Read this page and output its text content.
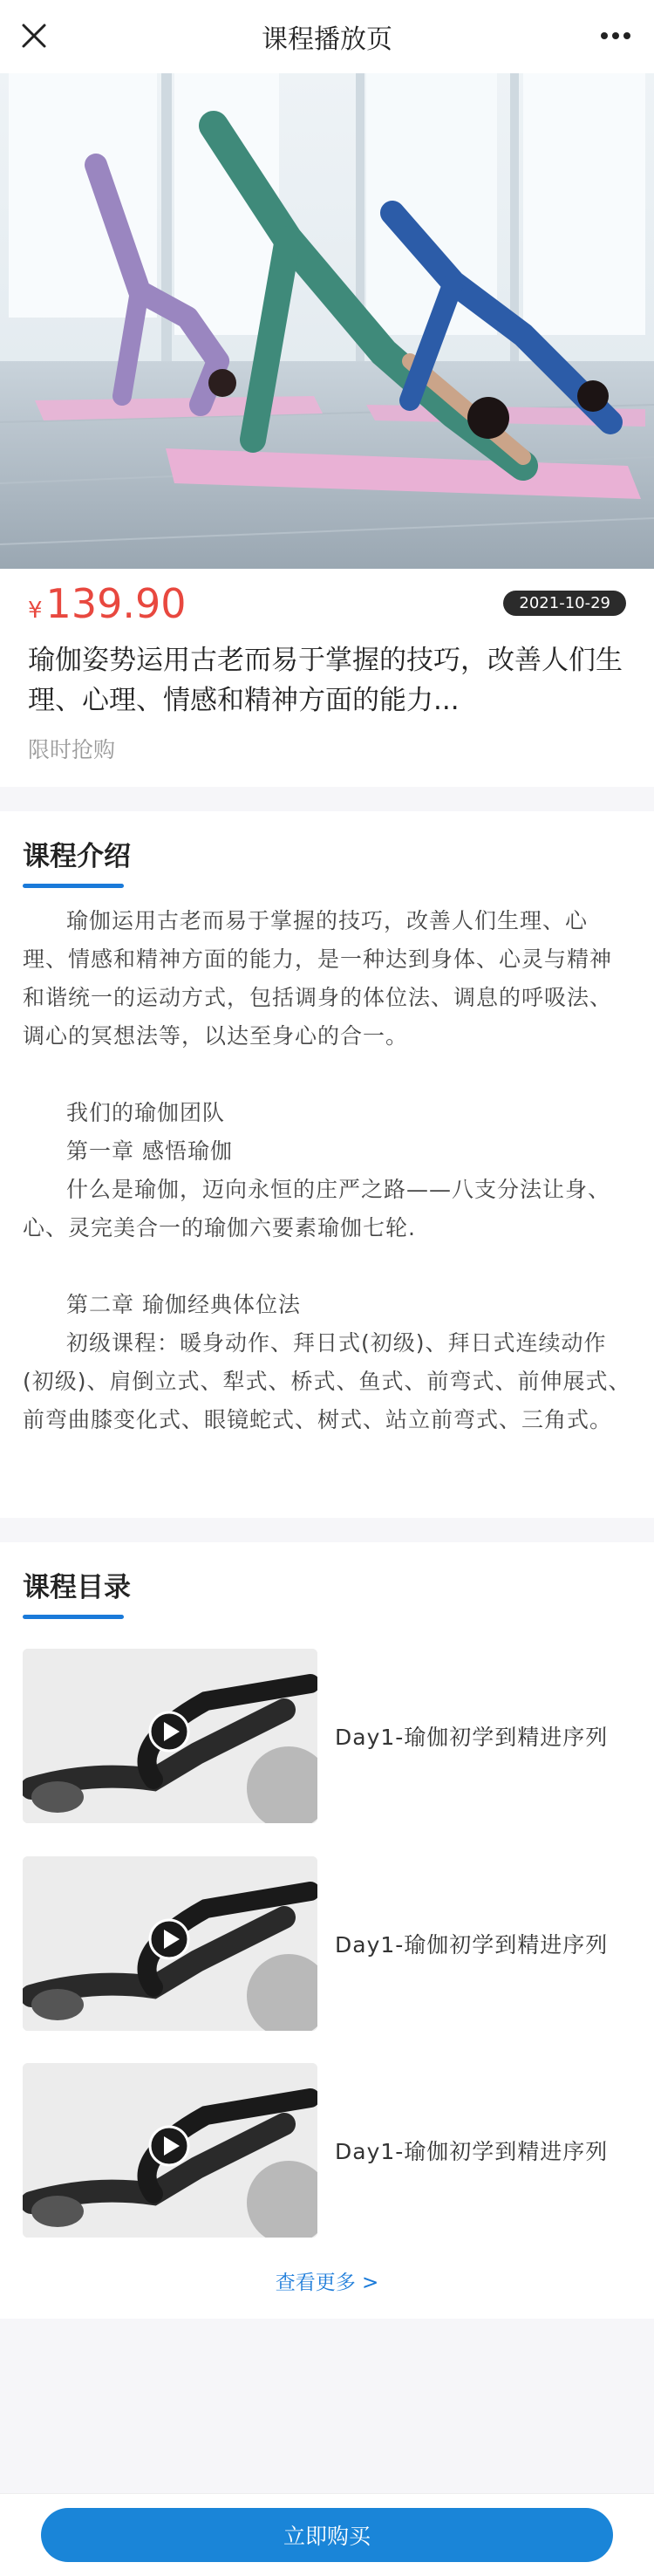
课程播放页
¥139.90	2021-10-29
瑜伽姿势运用古老而易于掌握的技巧，改善人们生理、心理、情感和精神方面的能力...
限时抢购
课程介绍

瑜伽运用古老而易于掌握的技巧，改善人们生理、心理、情感和精神方面的能力，是一种达到身体、心灵与精神和谐统一的运动方式，包括调身的体位法、调息的呼吸法、调心的冥想法等，以达至身心的合一。

我们的瑜伽团队

第一章 感悟瑜伽

什么是瑜伽，迈向永恒的庄严之路——八支分法让身、心、灵完美合一的瑜伽六要素瑜伽七轮.

第二章 瑜伽经典体位法

初级课程：暖身动作、拜日式(初级)、拜日式连续动作(初级)、肩倒立式、犁式、桥式、鱼式、前弯式、前伸展式、前弯曲膝变化式、眼镜蛇式、树式、站立前弯式、三角式。

课程目录
Day1-瑜伽初学到精进序列
Day1-瑜伽初学到精进序列
Day1-瑜伽初学到精进序列
查看更多 >
立即购买
